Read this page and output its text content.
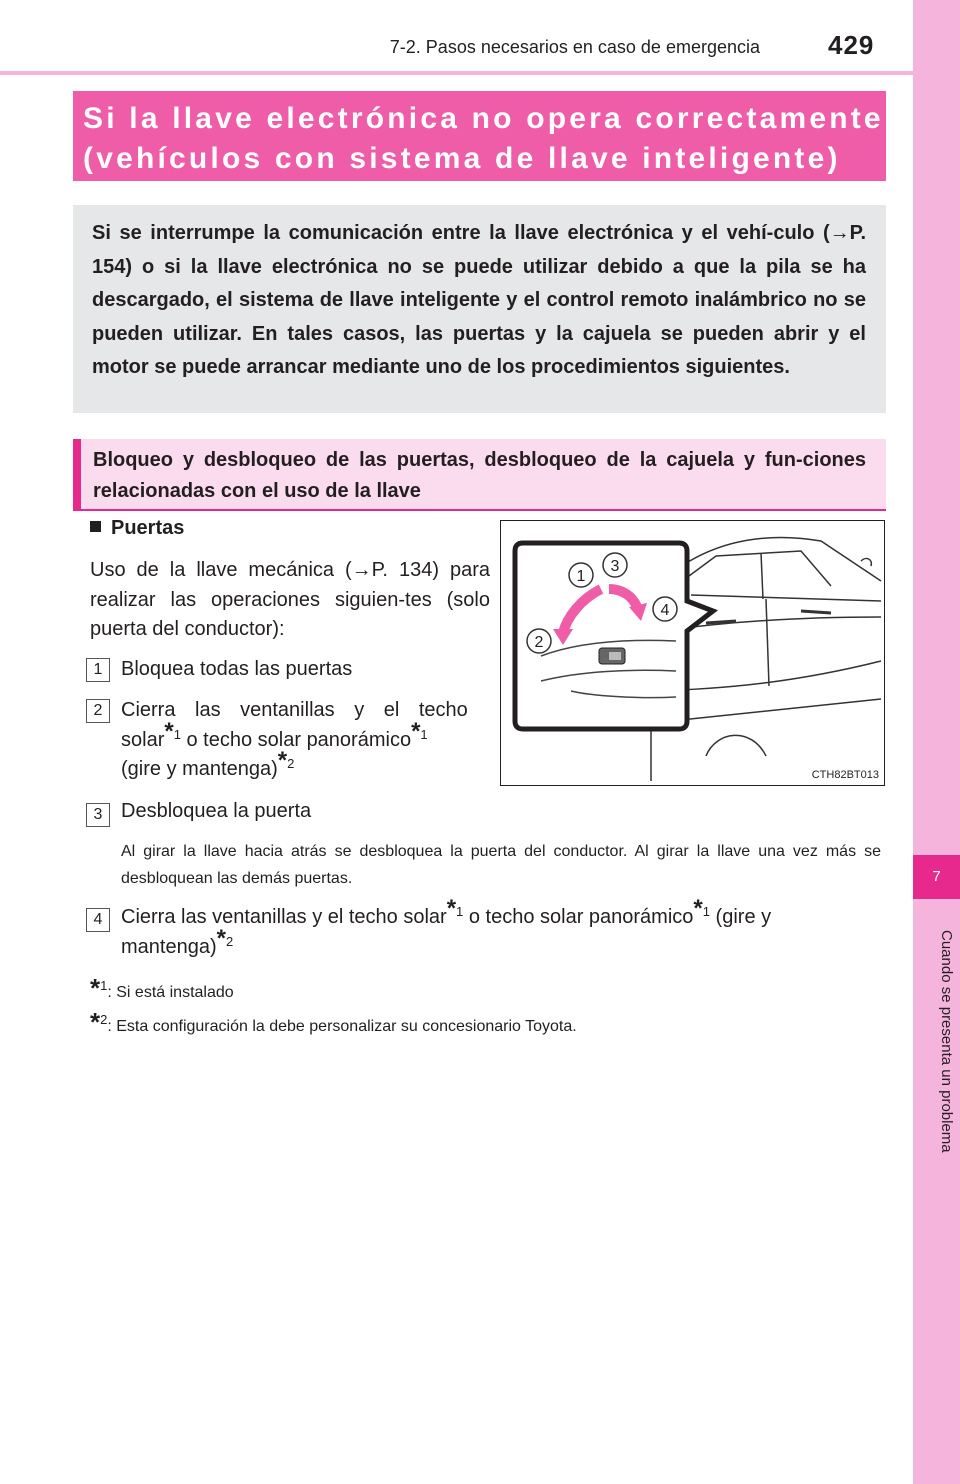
7-2. Pasos necesarios en caso de emergencia	429
7
Cuando se presenta un problema
Si la llave electrónica no opera correctamente
(vehículos con sistema de llave inteligente)

Si se interrumpe la comunicación entre la llave electrónica y el vehí-culo (→P. 154) o si la llave electrónica no se puede utilizar debido a que la pila se ha descargado, el sistema de llave inteligente y el control remoto inalámbrico no se pueden utilizar. En tales casos, las puertas y la cajuela se pueden abrir y el motor se puede arrancar mediante uno de los procedimientos siguientes.

Bloqueo y desbloqueo de las puertas, desbloqueo de la cajuela y fun-ciones relacionadas con el uso de la llave

Puertas
Uso de la llave mecánica (→P. 134) para realizar las operaciones siguien-tes (solo puerta del conductor):
1 Bloquea todas las puertas
2 Cierra las ventanillas y el techo
solar$^{*1}$ o techo solar panorámico$^{*1}$
(gire y mantenga)$^{*2}$
3 Desbloquea la puerta
Al girar la llave hacia atrás se desbloquea la puerta del conductor. Al girar la llave una vez más se desbloquean las demás puertas.
4 Cierra las ventanillas y el techo solar$^{*1}$ o techo solar panorámico$^{*1}$ (gire y
mantenga)$^{*2}$
*$^1$: Si está instalado
*$^2$: Esta configuración la debe personalizar su concesionario Toyota.
1
3
4
2
CTH82BT013
